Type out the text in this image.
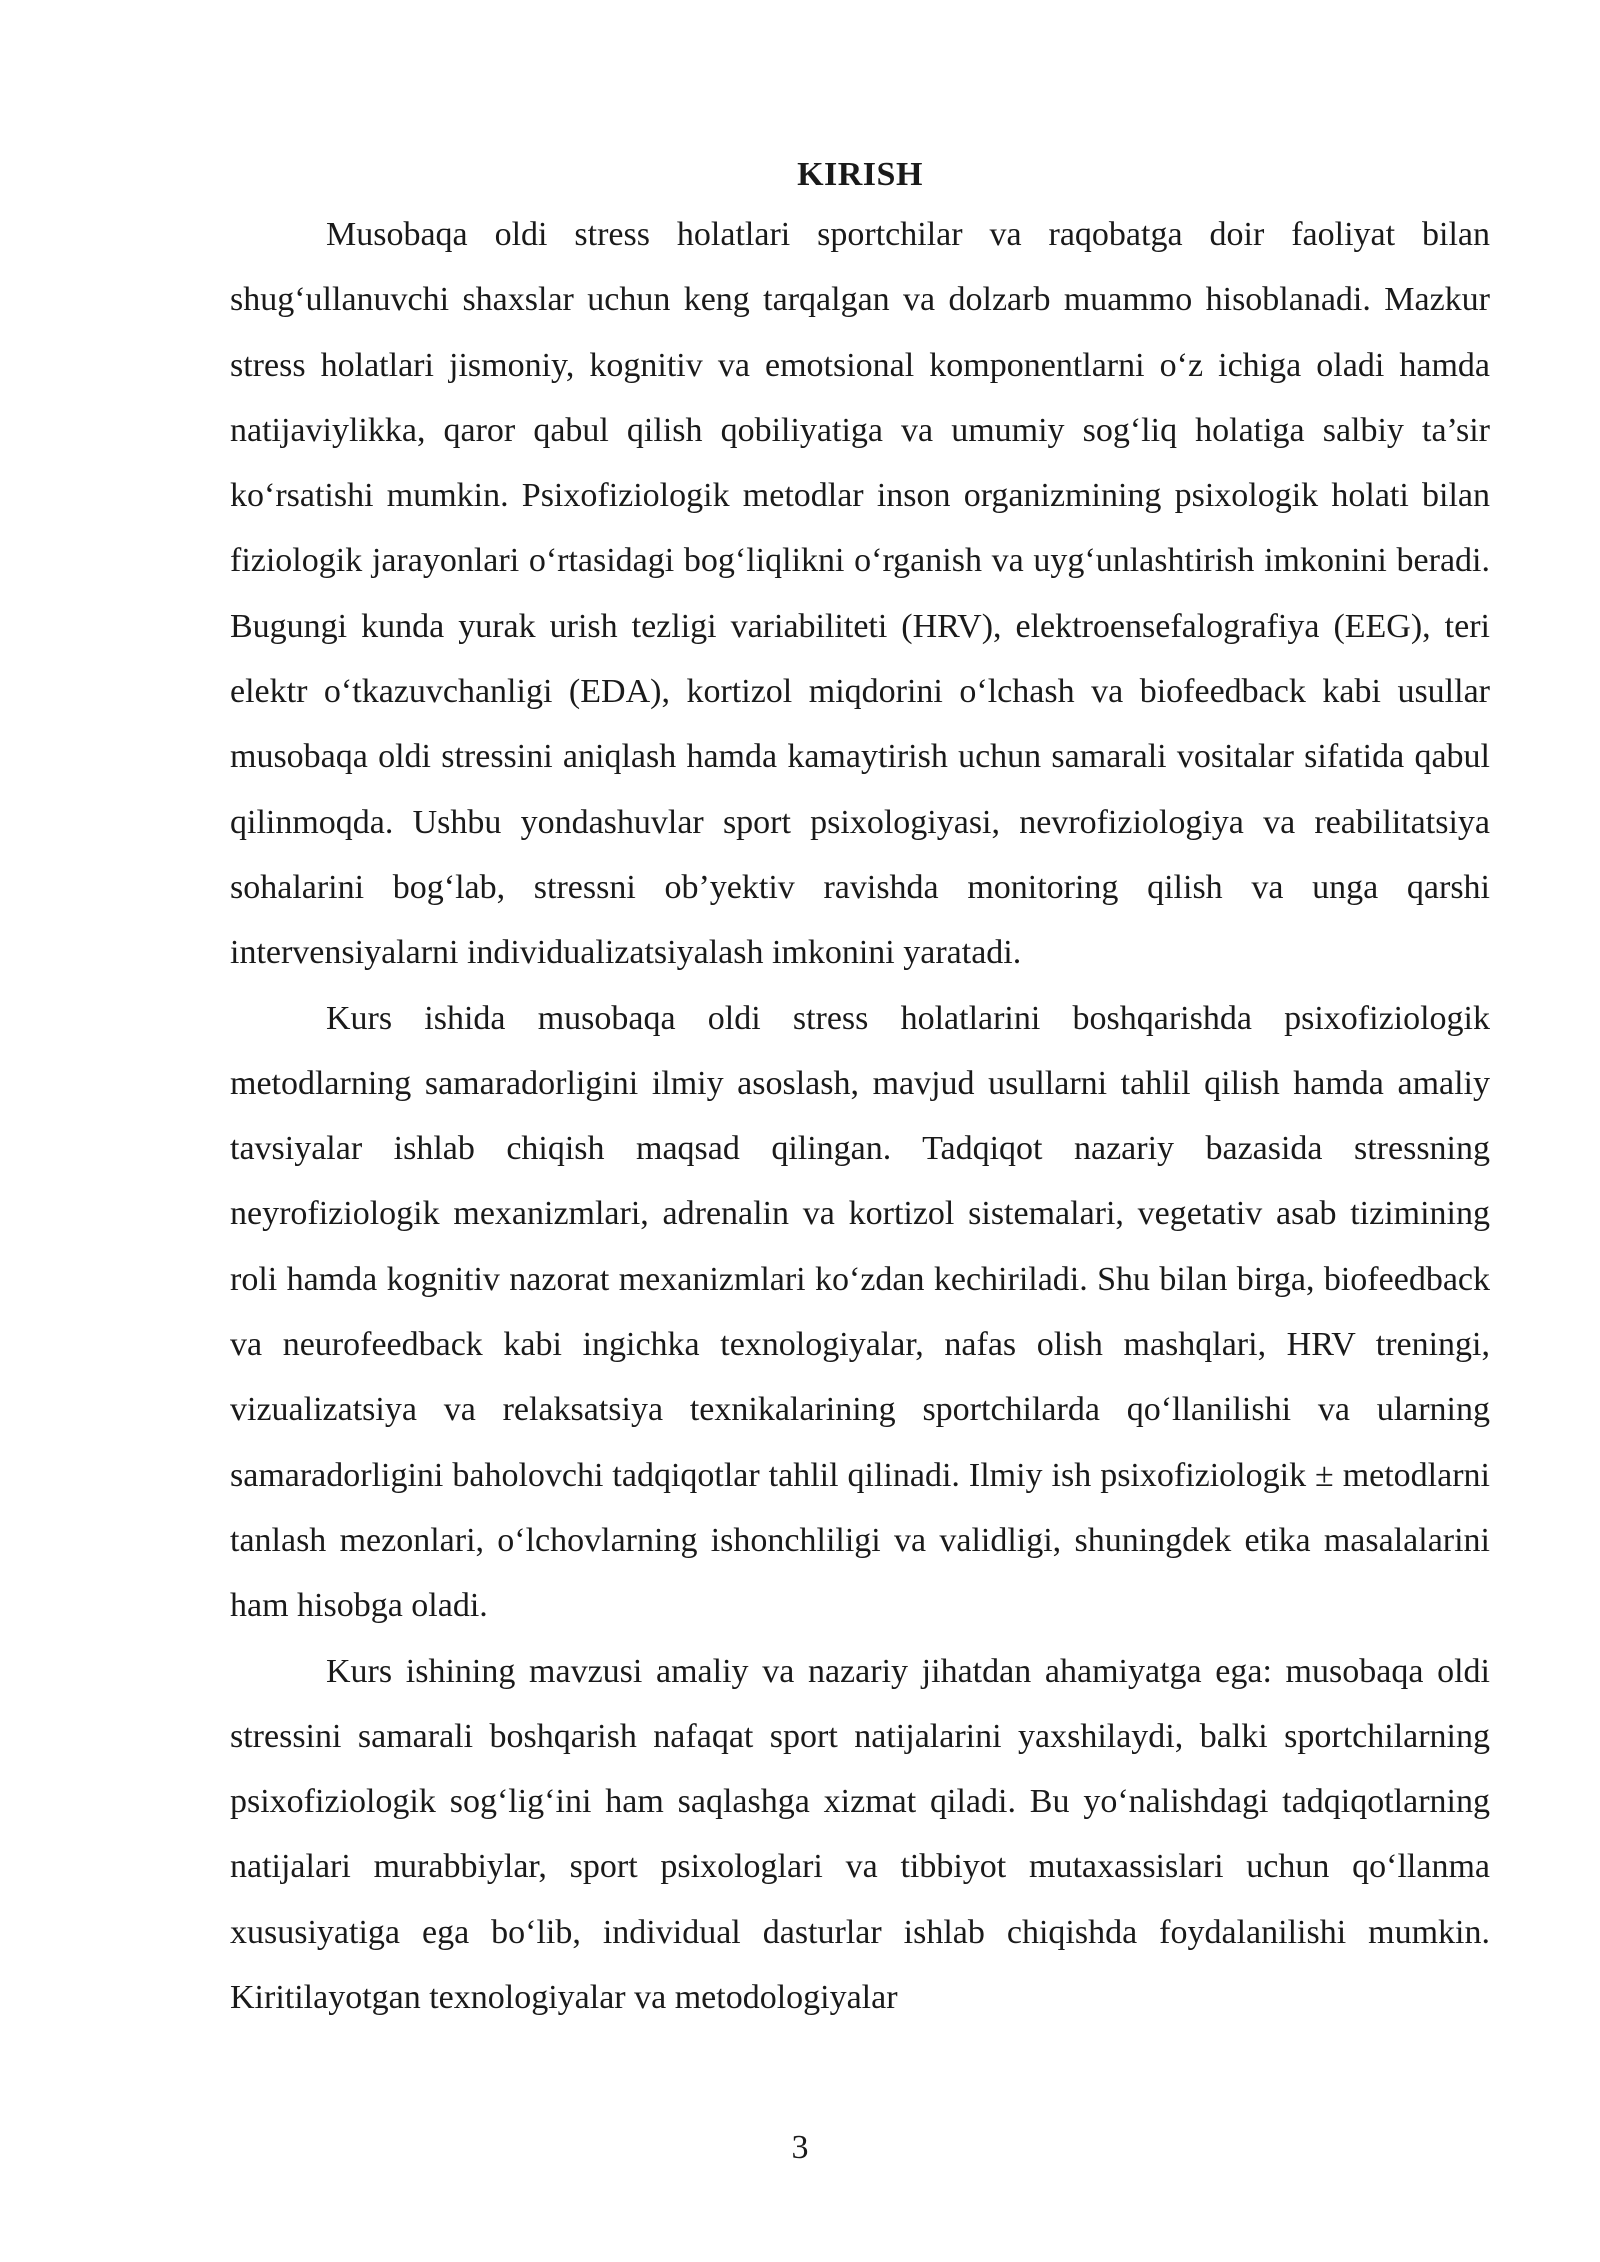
KIRISH

Musobaqa oldi stress holatlari sportchilar va raqobatga doir faoliyat bilan shug‘ullanuvchi shaxslar uchun keng tarqalgan va dolzarb muammo hisoblanadi. Mazkur stress holatlari jismoniy, kognitiv va emotsional komponentlarni o‘z ichiga oladi hamda natijaviylikka, qaror qabul qilish qobiliyatiga va umumiy sog‘liq holatiga salbiy ta’sir ko‘rsatishi mumkin. Psixofiziologik metodlar inson organizmining psixologik holati bilan fiziologik jarayonlari o‘rtasidagi bog‘liqlikni o‘rganish va uyg‘unlashtirish imkonini beradi. Bugungi kunda yurak urish tezligi variabiliteti (HRV), elektroensefalografiya (EEG), teri elektr o‘tkazuvchanligi (EDA), kortizol miqdorini o‘lchash va biofeedback kabi usullar musobaqa oldi stressini aniqlash hamda kamaytirish uchun samarali vositalar sifatida qabul qilinmoqda. Ushbu yondashuvlar sport psixologiyasi, nevrofiziologiya va reabilitatsiya sohalarini bog‘lab, stressni ob’yektiv ravishda monitoring qilish va unga qarshi intervensiyalarni individualizatsiyalash imkonini yaratadi.

Kurs ishida musobaqa oldi stress holatlarini boshqarishda psixofiziologik metodlarning samaradorligini ilmiy asoslash, mavjud usullarni tahlil qilish hamda amaliy tavsiyalar ishlab chiqish maqsad qilingan. Tadqiqot nazariy bazasida stressning neyrofiziologik mexanizmlari, adrenalin va kortizol sistemalari, vegetativ asab tizimining roli hamda kognitiv nazorat mexanizmlari ko‘zdan kechiriladi. Shu bilan birga, biofeedback va neurofeedback kabi ingichka texnologiyalar, nafas olish mashqlari, HRV treningi, vizualizatsiya va relaksatsiya texnikalarining sportchilarda qo‘llanilishi va ularning samaradorligini baholovchi tadqiqotlar tahlil qilinadi. Ilmiy ish psixofiziologik ± metodlarni tanlash mezonlari, o‘lchovlarning ishonchliligi va validligi, shuningdek etika masalalarini ham hisobga oladi.

Kurs ishining mavzusi amaliy va nazariy jihatdan ahamiyatga ega: musobaqa oldi stressini samarali boshqarish nafaqat sport natijalarini yaxshilaydi, balki sportchilarning psixofiziologik sog‘lig‘ini ham saqlashga xizmat qiladi. Bu yo‘nalishdagi tadqiqotlarning natijalari murabbiylar, sport psixologlari va tibbiyot mutaxassislari uchun qo‘llanma xususiyatiga ega bo‘lib, individual dasturlar ishlab chiqishda foydalanilishi mumkin. Kiritilayotgan texnologiyalar va metodologiyalar

3
